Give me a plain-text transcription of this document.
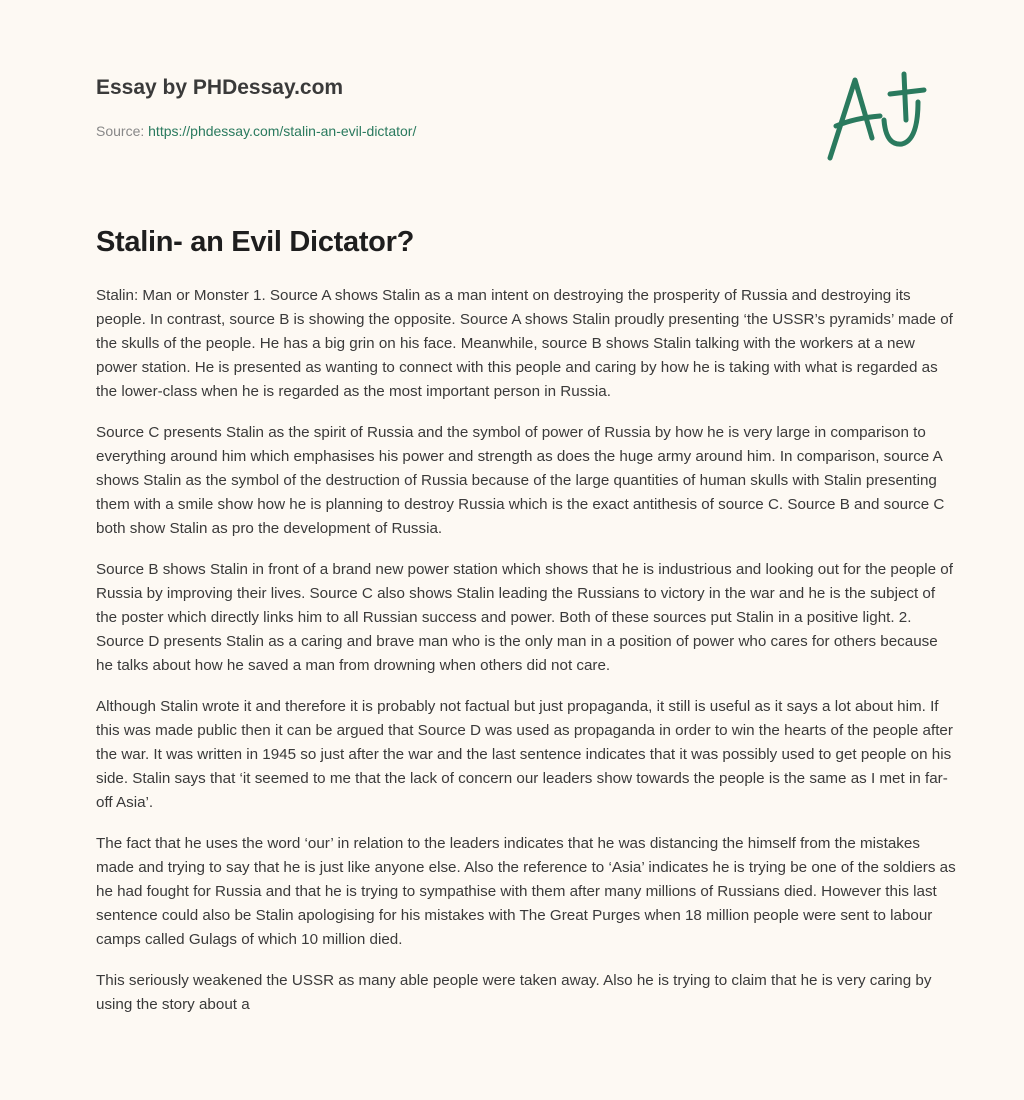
Essay by PHDessay.com

Source: https://phdessay.com/stalin-an-evil-dictator/
Stalin- an Evil Dictator?

Stalin: Man or Monster 1. Source A shows Stalin as a man intent on destroying the prosperity of Russia and destroying its people. In contrast, source B is showing the opposite. Source A shows Stalin proudly presenting ‘the USSR’s pyramids’ made of the skulls of the people. He has a big grin on his face. Meanwhile, source B shows Stalin talking with the workers at a new power station. He is presented as wanting to connect with this people and caring by how he is taking with what is regarded as the lower-class when he is regarded as the most important person in Russia.

Source C presents Stalin as the spirit of Russia and the symbol of power of Russia by how he is very large in comparison to everything around him which emphasises his power and strength as does the huge army around him. In comparison, source A shows Stalin as the symbol of the destruction of Russia because of the large quantities of human skulls with Stalin presenting them with a smile show how he is planning to destroy Russia which is the exact antithesis of source C. Source B and source C both show Stalin as pro the development of Russia.

Source B shows Stalin in front of a brand new power station which shows that he is industrious and looking out for the people of Russia by improving their lives. Source C also shows Stalin leading the Russians to victory in the war and he is the subject of the poster which directly links him to all Russian success and power. Both of these sources put Stalin in a positive light. 2. Source D presents Stalin as a caring and brave man who is the only man in a position of power who cares for others because he talks about how he saved a man from drowning when others did not care.

Although Stalin wrote it and therefore it is probably not factual but just propaganda, it still is useful as it says a lot about him. If this was made public then it can be argued that Source D was used as propaganda in order to win the hearts of the people after the war. It was written in 1945 so just after the war and the last sentence indicates that it was possibly used to get people on his side. Stalin says that ‘it seemed to me that the lack of concern our leaders show towards the people is the same as I met in far-off Asia’.

The fact that he uses the word ‘our’ in relation to the leaders indicates that he was distancing the himself from the mistakes made and trying to say that he is just like anyone else. Also the reference to ‘Asia’ indicates he is trying be one of the soldiers as he had fought for Russia and that he is trying to sympathise with them after many millions of Russians died. However this last sentence could also be Stalin apologising for his mistakes with The Great Purges when 18 million people were sent to labour camps called Gulags of which 10 million died.

This seriously weakened the USSR as many able people were taken away. Also he is trying to claim that he is very caring by using the story about a
